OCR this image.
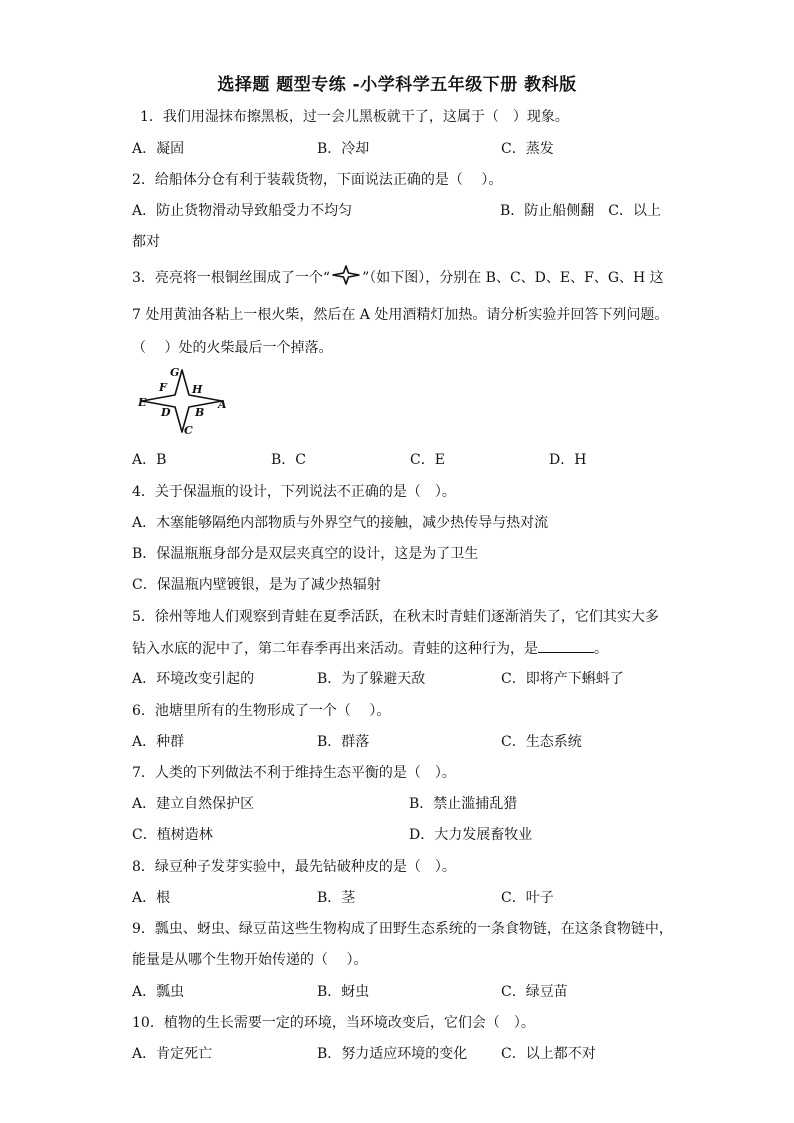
选择题 题型专练 -小学科学五年级下册 教科版
1．我们用湿抹布擦黑板，过一会儿黑板就干了，这属于（　）现象。
A．凝固	B．冷却	C．蒸发
2．给船体分仓有利于装载货物，下面说法正确的是（　 ）。
A．防止货物滑动导致船受力不均匀	B．防止船侧翻　C．以上
都对
3．亮亮将一根铜丝围成了一个“ ”（如下图），分别在 B、C、D、E、F、G、H 这
7 处用黄油各粘上一根火柴，然后在 A 处用酒精灯加热。请分析实验并回答下列问题。
（　 ）处的火柴最后一个掉落。
G
F H
E	A
D B
C
A．B	B．C	C．E	D．H
4．关于保温瓶的设计，下列说法不正确的是（　）。
A．木塞能够隔绝内部物质与外界空气的接触，减少热传导与热对流
B．保温瓶瓶身部分是双层夹真空的设计，这是为了卫生
C．保温瓶内壁镀银，是为了减少热辐射
5．徐州等地人们观察到青蛙在夏季活跃，在秋末时青蛙们逐渐消失了，它们其实大多
钻入水底的泥中了，第二年春季再出来活动。青蛙的这种行为，是	。
A．环境改变引起的	B．为了躲避天敌	C．即将产下蝌蚪了
6．池塘里所有的生物形成了一个（　 ）。
A．种群	B．群落	C．生态系统
7．人类的下列做法不利于维持生态平衡的是（　）。
A．建立自然保护区	B．禁止滥捕乱猎
C．植树造林	D．大力发展畜牧业
8．绿豆种子发芽实验中，最先钻破种皮的是（　）。
A．根	B．茎	C．叶子
9．瓢虫、蚜虫、绿豆苗这些生物构成了田野生态系统的一条食物链，在这条食物链中，
能量是从哪个生物开始传递的（　 ）。
A．瓢虫	B．蚜虫	C．绿豆苗
10．植物的生长需要一定的环境，当环境改变后，它们会（　）。
A．肯定死亡	B．努力适应环境的变化 C．以上都不对
